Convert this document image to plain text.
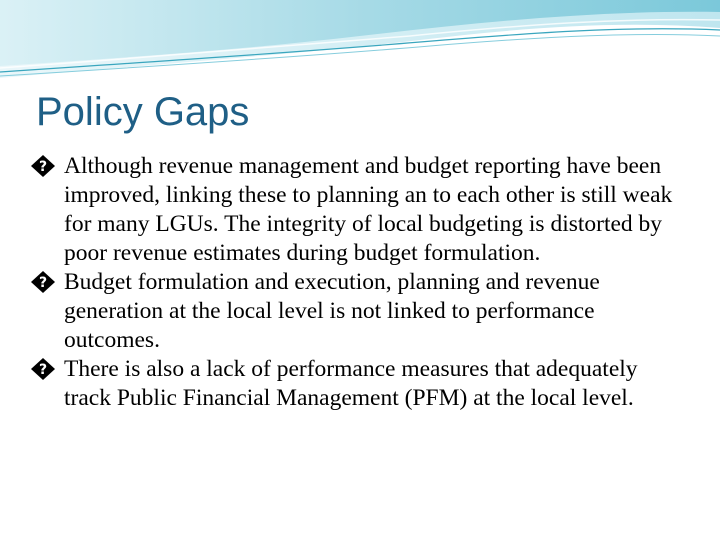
Policy Gaps
? Although revenue management and budget reporting have been improved, linking these to planning an to each other is still weak for many LGUs. The integrity of local budgeting is distorted by poor revenue estimates during budget formulation.
? Budget formulation and execution, planning and revenue generation at the local level is not linked to performance outcomes.
? There is also a lack of performance measures that adequately track Public Financial Management (PFM) at the local level.
